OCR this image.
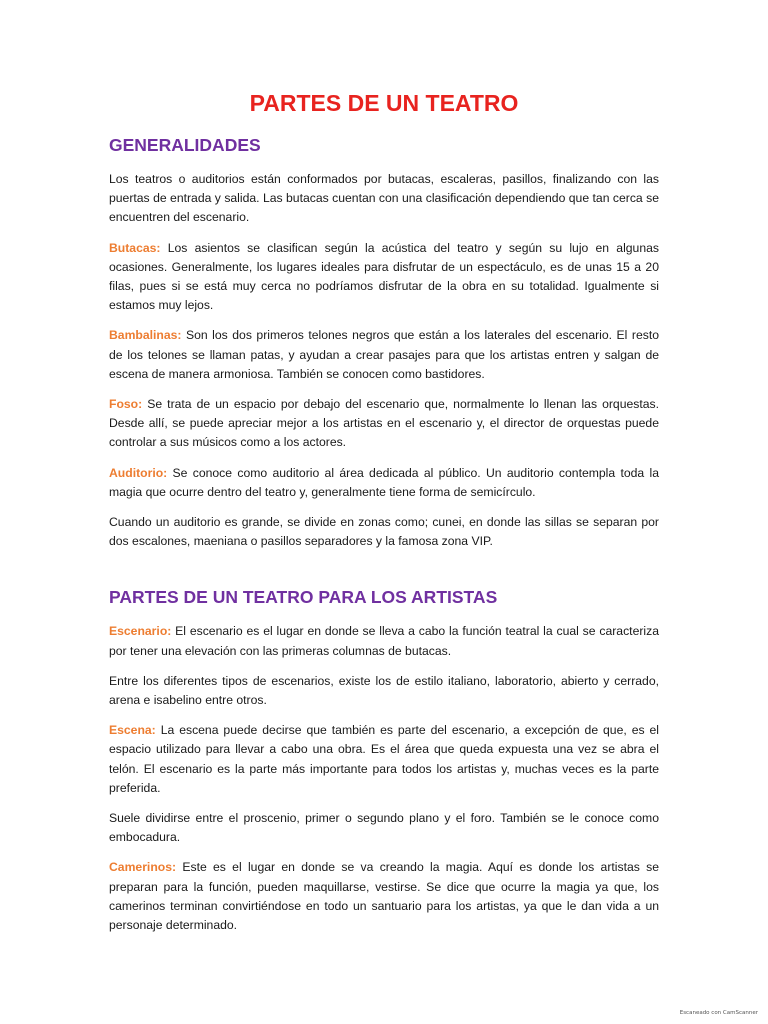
PARTES DE UN TEATRO
GENERALIDADES

Los teatros o auditorios están conformados por butacas, escaleras, pasillos, finalizando con las puertas de entrada y salida. Las butacas cuentan con una clasificación dependiendo que tan cerca se encuentren del escenario.

Butacas: Los asientos se clasifican según la acústica del teatro y según su lujo en algunas ocasiones. Generalmente, los lugares ideales para disfrutar de un espectáculo, es de unas 15 a 20 filas, pues si se está muy cerca no podríamos disfrutar de la obra en su totalidad. Igualmente si estamos muy lejos.

Bambalinas: Son los dos primeros telones negros que están a los laterales del escenario. El resto de los telones se llaman patas, y ayudan a crear pasajes para que los artistas entren y salgan de escena de manera armoniosa. También se conocen como bastidores.

Foso: Se trata de un espacio por debajo del escenario que, normalmente lo llenan las orquestas. Desde allí, se puede apreciar mejor a los artistas en el escenario y, el director de orquestas puede controlar a sus músicos como a los actores.

Auditorio: Se conoce como auditorio al área dedicada al público. Un auditorio contempla toda la magia que ocurre dentro del teatro y, generalmente tiene forma de semicírculo.

Cuando un auditorio es grande, se divide en zonas como; cunei, en donde las sillas se separan por dos escalones, maeniana o pasillos separadores y la famosa zona VIP.

PARTES DE UN TEATRO PARA LOS ARTISTAS

Escenario: El escenario es el lugar en donde se lleva a cabo la función teatral la cual se caracteriza por tener una elevación con las primeras columnas de butacas.

Entre los diferentes tipos de escenarios, existe los de estilo italiano, laboratorio, abierto y cerrado, arena e isabelino entre otros.

Escena: La escena puede decirse que también es parte del escenario, a excepción de que, es el espacio utilizado para llevar a cabo una obra. Es el área que queda expuesta una vez se abra el telón. El escenario es la parte más importante para todos los artistas y, muchas veces es la parte preferida.

Suele dividirse entre el proscenio, primer o segundo plano y el foro. También se le conoce como embocadura.

Camerinos: Este es el lugar en donde se va creando la magia. Aquí es donde los artistas se preparan para la función, pueden maquillarse, vestirse. Se dice que ocurre la magia ya que, los camerinos terminan convirtiéndose en todo un santuario para los artistas, ya que le dan vida a un personaje determinado.

Escaneado con CamScanner
